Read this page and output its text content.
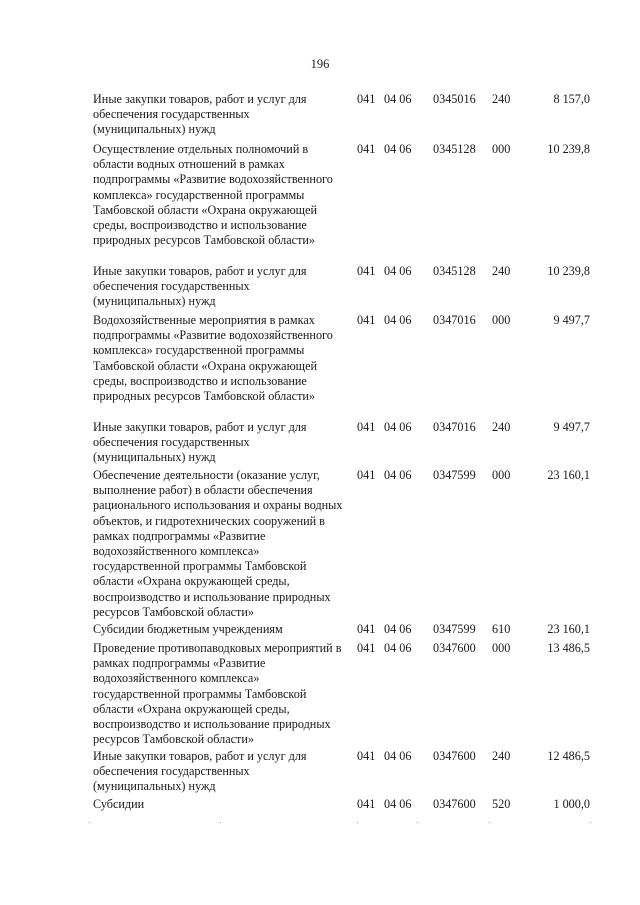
196
Иные закупки товаров, работ и услуг для обеспечения государственных (муниципальных) нужд
041 04 06 0345016 240	8 157,0
Осуществление отдельных полномочий в области водных отношений в рамках подпрограммы «Развитие водохозяйственного комплекса» государственной программы Тамбовской области «Охрана окружающей среды, воспроизводство и использование природных ресурсов Тамбовской области»
041 04 06 0345128 000	10 239,8
Иные закупки товаров, работ и услуг для обеспечения государственных (муниципальных) нужд
041 04 06 0345128 240	10 239,8
Водохозяйственные мероприятия в рамках подпрограммы «Развитие водохозяйственного комплекса» государственной программы Тамбовской области «Охрана окружающей среды, воспроизводство и использование природных ресурсов Тамбовской области»
041 04 06 0347016 000	9 497,7
Иные закупки товаров, работ и услуг для обеспечения государственных (муниципальных) нужд
041 04 06 0347016 240	9 497,7
Обеспечение деятельности (оказание услуг, выполнение работ) в области обеспечения рационального использования и охраны водных объектов, и гидротехнических сооружений в рамках подпрограммы «Развитие водохозяйственного комплекса» государственной программы Тамбовской области «Охрана окружающей среды, воспроизводство и использование природных ресурсов Тамбовской области»
041 04 06 0347599 000	23 160,1
Субсидии бюджетным учреждениям	041 04 06 0347599 610	23 160,1
Проведение противопаводковых мероприятий в рамках подпрограммы «Развитие водохозяйственного комплекса» государственной программы Тамбовской области «Охрана окружающей среды, воспроизводство и использование природных ресурсов Тамбовской области»
041 04 06 0347600 000	13 486,5
Иные закупки товаров, работ и услуг для обеспечения государственных (муниципальных) нужд
041 04 06 0347600 240	12 486,5
Субсидии	041 04 06 0347600 520	1 000,0
